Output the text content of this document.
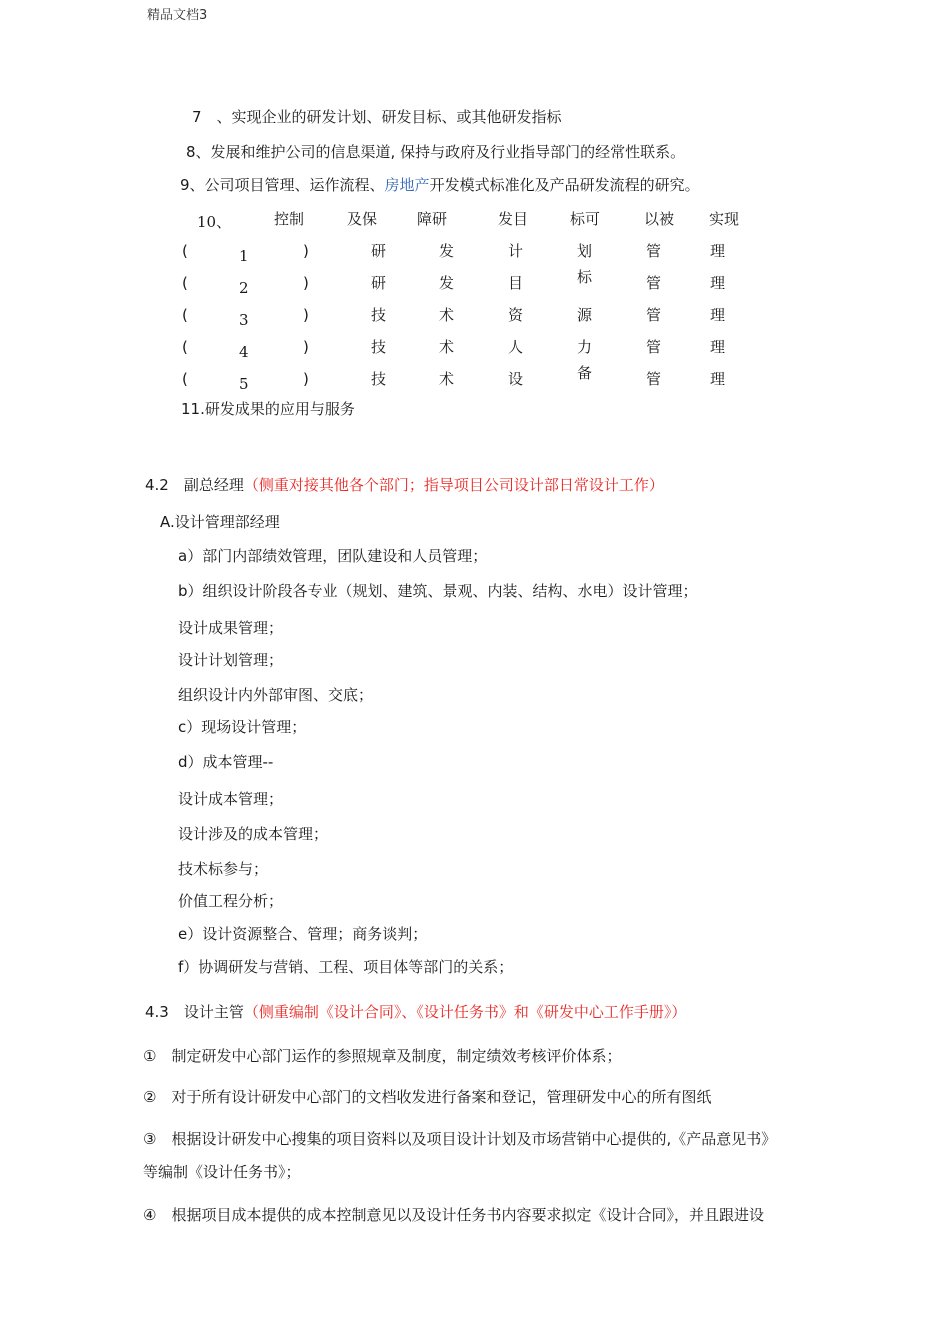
精品文档3
7　、实现企业的研发计划、研发目标、或其他研发指标
8、发展和维护公司的信息渠道, 保持与政府及行业指导部门的经常性联系。
9、公司项目管理、运作流程、房地产开发模式标准化及产品研发流程的研究。
10、	控制	及保	障研	发目	标可	以被 实现
(	1	)	研	发	计	划	管	理
(	2	)	研	发	目	标	管	理
(	3	)	技	术	资	源	管	理
(	4	)	技	术	人	力	管	理
(	5	)	技	术	设	备	管	理
11.研发成果的应用与服务
4.2　副总经理（侧重对接其他各个部门；指导项目公司设计部日常设计工作）
A.设计管理部经理
a）部门内部绩效管理，团队建设和人员管理；
b）组织设计阶段各专业（规划、建筑、景观、内装、结构、水电）设计管理；
设计成果管理；
设计计划管理；
组织设计内外部审图、交底；
c）现场设计管理；
d）成本管理--
设计成本管理；
设计涉及的成本管理；
技术标参与；
价值工程分析；
e）设计资源整合、管理；商务谈判；
f）协调研发与营销、工程、项目体等部门的关系；
4.3　设计主管（侧重编制《设计合同》、《设计任务书》和《研发中心工作手册》）
①　制定研发中心部门运作的参照规章及制度，制定绩效考核评价体系；
②　对于所有设计研发中心部门的文档收发进行备案和登记，管理研发中心的所有图纸
③　根据设计研发中心搜集的项目资料以及项目设计计划及市场营销中心提供的,《产品意见书》
等编制《设计任务书》；
④　根据项目成本提供的成本控制意见以及设计任务书内容要求拟定《设计合同》，并且跟进设
